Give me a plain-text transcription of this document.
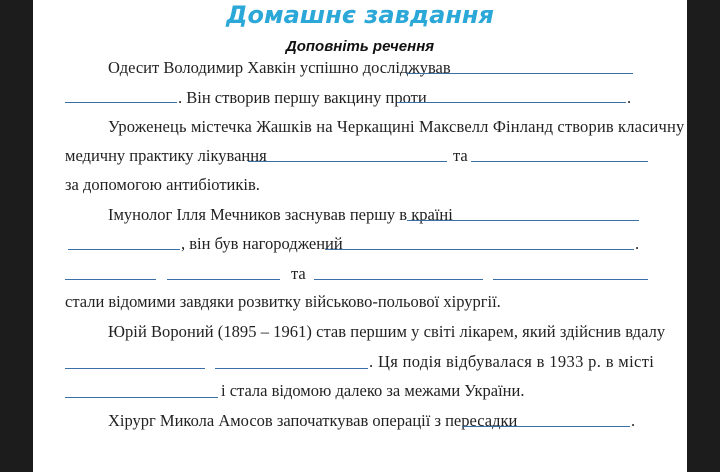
Домашнє завдання
Доповніть речення
Одесит Володимир Хавкін успішно досліджував
. Він створив першу вакцину проти	.
Уроженець містечка Жашків на Черкащині Максвелл Фінланд створив класичну
медичну практику лікування	та
за допомогою антибіотиків.
Імунолог Ілля Мечников заснував першу в країні
, він був нагороджений	.
та
стали відомими завдяки розвитку військово-польової хірургії.
Юрій Вороний (1895 – 1961) став першим у світі лікарем, який здійснив вдалу
. Ця подія відбувалася в 1933 р. в місті
і стала відомою далеко за межами України.
Хірург Микола Амосов започаткував операції з пересадки	.
